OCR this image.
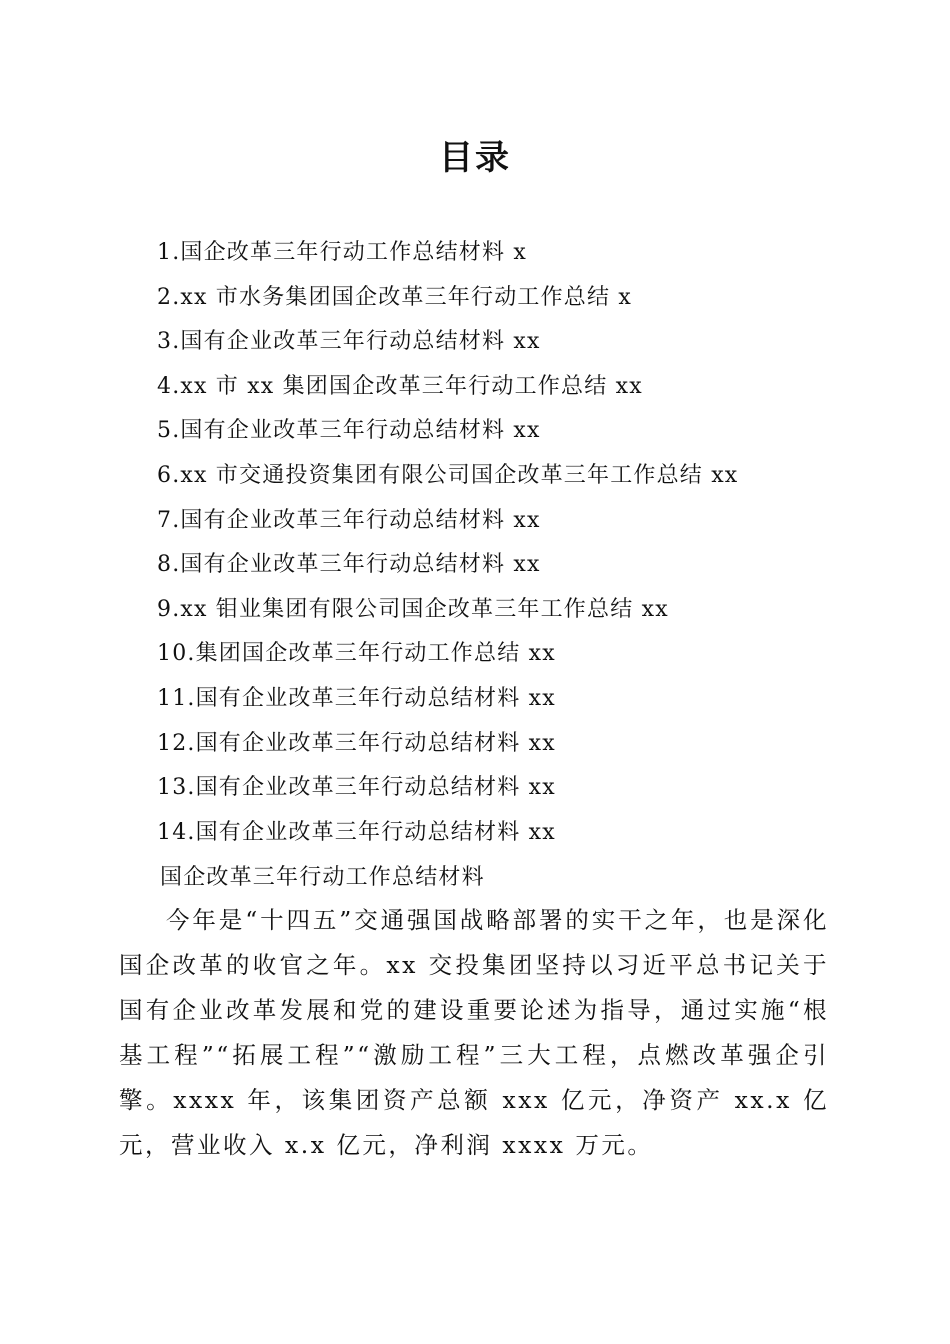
目录
1.国企改革三年行动工作总结材料 x
2.xx 市水务集团国企改革三年行动工作总结 x
3.国有企业改革三年行动总结材料 xx
4.xx 市 xx 集团国企改革三年行动工作总结 xx
5.国有企业改革三年行动总结材料 xx
6.xx 市交通投资集团有限公司国企改革三年工作总结 xx
7.国有企业改革三年行动总结材料 xx
8.国有企业改革三年行动总结材料 xx
9.xx 钼业集团有限公司国企改革三年工作总结 xx
10.集团国企改革三年行动工作总结 xx
11.国有企业改革三年行动总结材料 xx
12.国有企业改革三年行动总结材料 xx
13.国有企业改革三年行动总结材料 xx
14.国有企业改革三年行动总结材料 xx
国企改革三年行动工作总结材料

今年是“十四五”交通强国战略部署的实干之年，也是深化国企改革的收官之年。xx 交投集团坚持以习近平总书记关于国有企业改革发展和党的建设重要论述为指导，通过实施“根基工程”“拓展工程”“激励工程”三大工程，点燃改革强企引擎。xxxx 年，该集团资产总额 xxx 亿元，净资产 xx.x 亿元，营业收入 x.x 亿元，净利润 xxxx 万元。
